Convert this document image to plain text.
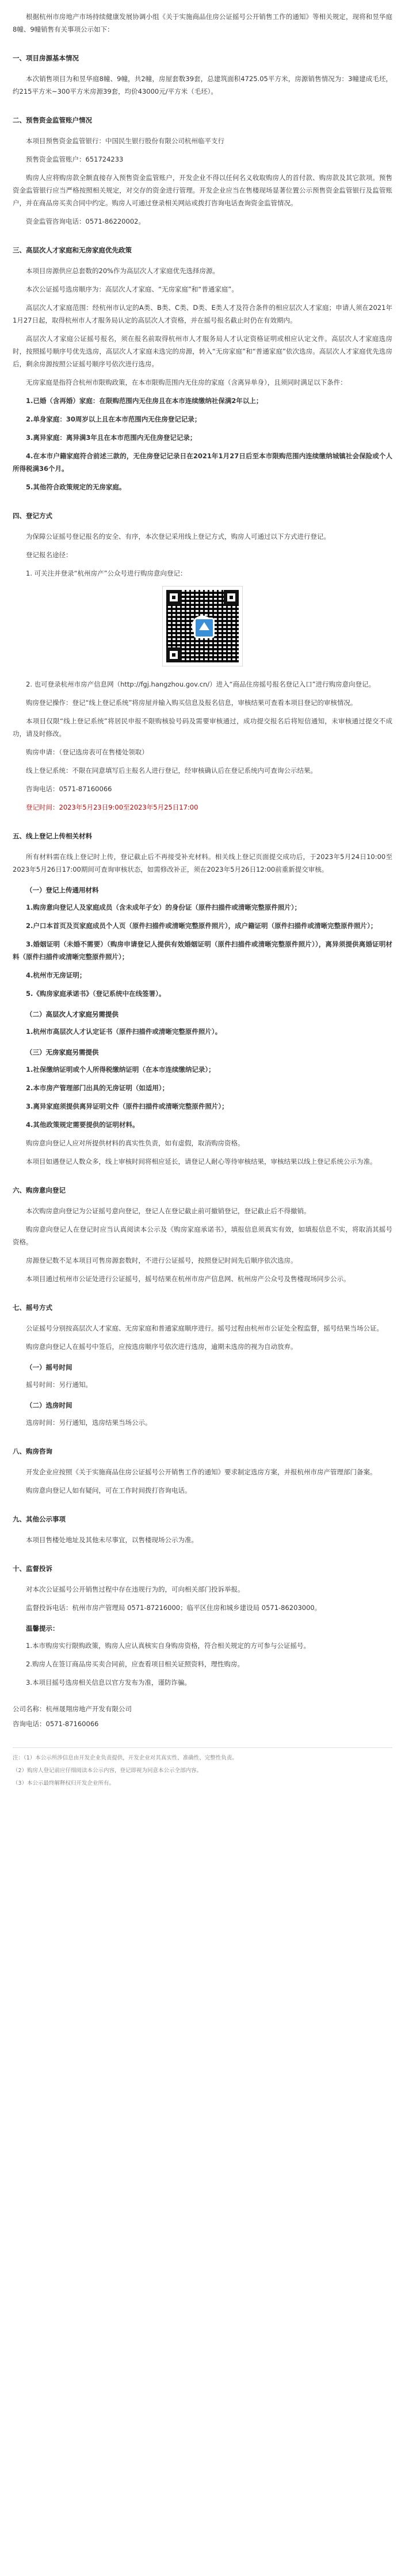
根据杭州市房地产市场持续健康发展协调小组《关于实施商品住房公证摇号公开销售工作的通知》等相关规定，现将和昱华庭8幢、9幢销售有关事项公示如下：

一、项目房源基本情况

本次销售项目为和昱华庭8幢、9幢，共2幢，房屋套数39套，总建筑面积4725.05平方米，房源销售情况为：3幢建成毛坯，约215平方米~300平方米房源39套，均价43000元/平方米（毛坯）。

二、预售资金监管账户情况

本项目预售资金监管银行：中国民生银行股份有限公司杭州临平支行

预售资金监管账户：651724233

购房人应将购房款全额直接存入预售资金监管账户，开发企业不得以任何名义收取购房人的首付款、购房款及其它款项。预售资金监管银行应当严格按照相关规定，对交存的资金进行管理。开发企业应当在售楼现场显著位置公示预售资金监管银行及监管账户，并在商品房买卖合同中约定。购房人可通过登录相关网站或拨打咨询电话查询资金监管情况。

资金监管咨询电话：0571-86220002。

三、高层次人才家庭和无房家庭优先政策

本项目房源供应总套数的20%作为高层次人才家庭优先选择房源。

本次公证摇号选房顺序为：高层次人才家庭、“无房家庭”和“普通家庭”。

高层次人才家庭范围：经杭州市认定的A类、B类、C类、D类、E类人才及符合条件的相应层次人才家庭；申请人须在2021年1月27日起，取得杭州市人才服务局认定的高层次人才资格，并在摇号报名截止时仍在有效期内。

高层次人才家庭公证摇号报名，须在报名前取得杭州市人才服务局人才认定资格证明或相应认定文件。高层次人才家庭选房时，按照摇号顺序号优先选房，高层次人才家庭未选完的房源，转入“无房家庭”和“普通家庭”依次选房。高层次人才家庭优先选房后，剩余房源按照公证摇号顺序号依次进行选房。

无房家庭是指符合杭州市限购政策，在本市限购范围内无住房的家庭（含离异单身），且须同时满足以下条件：

1.已婚（含再婚）家庭：在限购范围内无住房且在本市连续缴纳社保满2年以上；

2.单身家庭：30周岁以上且在本市范围内无住房登记记录；

3.离异家庭：离异满3年且在本市范围内无住房登记记录；

4.在本市户籍家庭符合前述三款的，无住房登记记录日在2021年1月27日后至本市限购范围内连续缴纳城镇社会保险或个人所得税满36个月。

5.其他符合政策规定的无房家庭。

四、登记方式

为保障公证摇号登记报名的安全、有序，本次登记采用线上登记方式，购房人可通过以下方式进行登记。

登记报名途径：

1. 可关注并登录“杭州房产”公众号进行购房意向登记：

2. 也可登录杭州市房产信息网（http://fgj.hangzhou.gov.cn/）进入“商品住房摇号报名登记入口”进行购房意向登记。

购房登记操作：登记“线上登记系统”将房屋并输入购买信息及报名信息，审核结果可查看本项目登记的审核情况。

本项目仅限“线上登记系统”将居民申报不限购核验号码及需要审核通过，成功提交报名后将短信通知，未审核通过提交不成功，请及时修改。

购房申请：（登记选房表可在售楼处领取）

线上登记系统：不限在同意填写后主报名人进行登记，经审核确认后在登记系统内可查询公示结果。

咨询电话：0571-87160066

登记时间：2023年5月23日9:00至2023年5月25日17:00

五、线上登记上传相关材料

所有材料需在线上登记时上传，登记截止后不再接受补充材料。相关线上登记页面提交成功后，于2023年5月24日10:00至2023年5月26日17:00期间可查询审核状态，如需修改补正，须在2023年5月26日12:00前重新提交审核。

（一）登记上传通用材料

1.购房意向登记人及家庭成员（含未成年子女）的身份证（原件扫描件或清晰完整原件照片）；

2.户口本首页及页家庭成员个人页（原件扫描件或清晰完整原件照片），成户籍证明（原件扫描件或清晰完整原件照片）；

3.婚姻证明（未婚不需要）（购房申请登记人提供有效婚姻证明（原件扫描件或清晰完整原件照片）），离异须提供离婚证明材料（原件扫描件或清晰完整原件照片）；

4.杭州市无房证明；

5.《购房家庭承诺书》（登记系统中在线签署）。

（二）高层次人才家庭另需提供

1.杭州市高层次人才认定证书（原件扫描件或清晰完整原件照片）。

（三）无房家庭另需提供

1.社保缴纳证明或个人所得税缴纳证明（在本市连续缴纳记录）；

2.本市房产管理部门出具的无房证明（如适用）；

3.离异家庭须提供离异证明文件（原件扫描件或清晰完整原件照片）；

4.其他政策规定需要提供的证明材料。

购房意向登记人应对所提供材料的真实性负责，如有虚假，取消购房资格。

本项目如遇登记人数众多，线上审核时间将相应延长，请登记人耐心等待审核结果，审核结果以线上登记系统公示为准。

六、购房意向登记

本次购房意向登记为公证摇号意向登记，登记人在登记截止前可撤销登记，登记截止后不得撤销。

购房意向登记人在登记时应当认真阅读本公示及《购房家庭承诺书》，填报信息须真实有效，如填报信息不实，将取消其摇号资格。

房源登记数不足本项目可售房源套数时，不进行公证摇号，按照登记时间先后顺序依次选房。

本项目通过杭州市公证处进行公证摇号，摇号结果在杭州市房产信息网、杭州房产公众号及售楼现场同步公示。

七、摇号方式

公证摇号分别按高层次人才家庭、无房家庭和普通家庭顺序进行。摇号过程由杭州市公证处全程监督，摇号结果当场公证。

购房意向登记人在摇号中签后，应按选房顺序号依次进行选房，逾期未选房的视为自动放弃。

（一）摇号时间

摇号时间：另行通知。

（二）选房时间

选房时间：另行通知，选房结果当场公示。

八、购房咨询

开发企业应按照《关于实施商品住房公证摇号公开销售工作的通知》要求制定选房方案，并报杭州市房产管理部门备案。

购房意向登记人如有疑问，可在工作时间拨打咨询电话。

九、其他公示事项

本项目售楼处地址及其他未尽事宜，以售楼现场公示为准。

十、监督投诉

对本次公证摇号公开销售过程中存在违规行为的，可向相关部门投诉举报。

监督投诉电话：杭州市房产管理局 0571-87216000；临平区住房和城乡建设局 0571-86203000。

温馨提示：

1.本市购房实行限购政策，购房人应认真核实自身购房资格，符合相关规定的方可参与公证摇号。

2.购房人在签订商品房买卖合同前，应查看项目相关证照资料，理性购房。

3.本项目摇号选房相关信息以官方发布为准，谨防诈骗。

公司名称：杭州晟翔房地产开发有限公司

咨询电话：0571-87160066

注：（1）本公示所涉信息由开发企业负责提供，开发企业对其真实性、准确性、完整性负责。

（2）购房人登记前应仔细阅读本公示内容，登记即视为同意本公示全部内容。

（3）本公示最终解释权归开发企业所有。
